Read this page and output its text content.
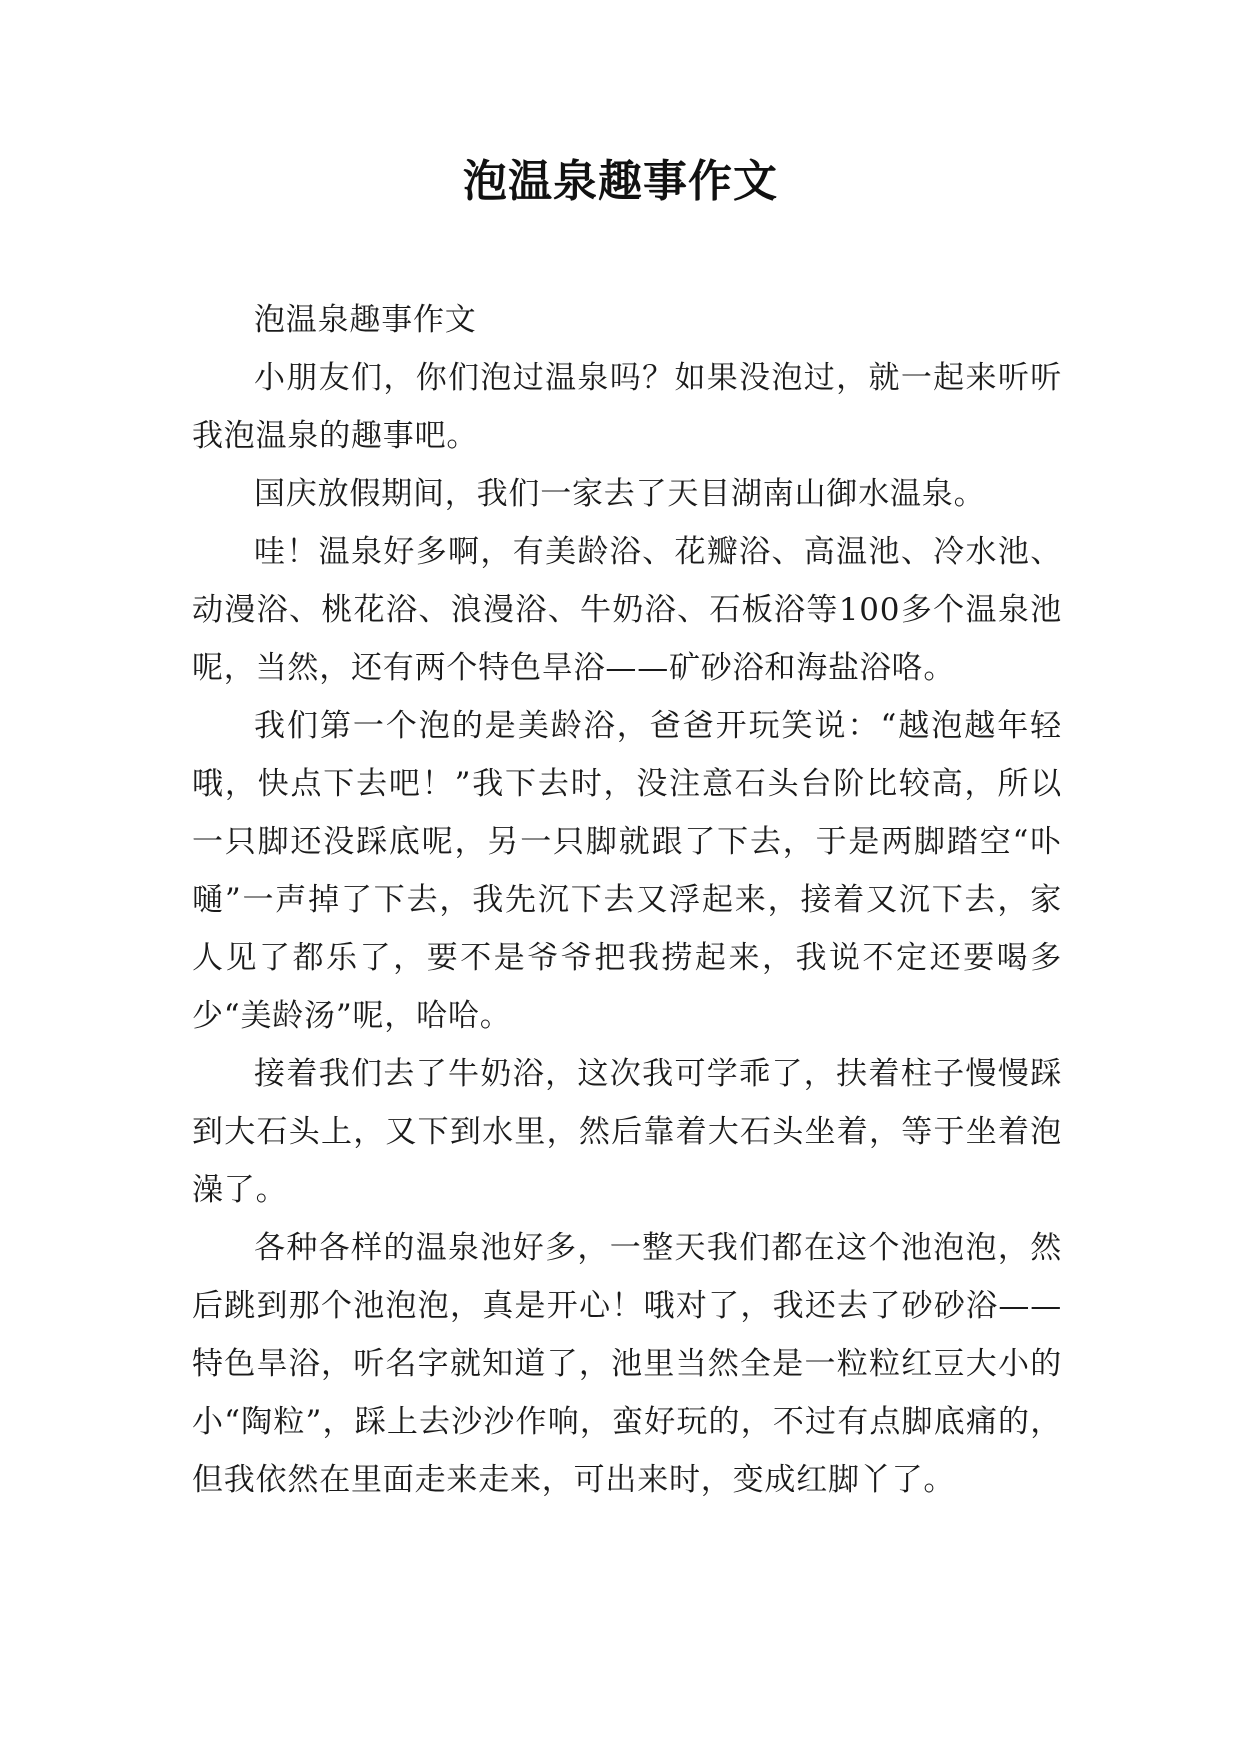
泡温泉趣事作文

泡温泉趣事作文

小朋友们，你们泡过温泉吗？如果没泡过，就一起来听听我泡温泉的趣事吧。

国庆放假期间，我们一家去了天目湖南山御水温泉。

哇！温泉好多啊，有美龄浴、花瓣浴、高温池、冷水池、动漫浴、桃花浴、浪漫浴、牛奶浴、石板浴等100多个温泉池呢，当然，还有两个特色旱浴——矿砂浴和海盐浴咯。

我们第一个泡的是美龄浴，爸爸开玩笑说：“越泡越年轻哦，快点下去吧！”我下去时，没注意石头台阶比较高，所以一只脚还没踩底呢，另一只脚就跟了下去，于是两脚踏空“卟嗵”一声掉了下去，我先沉下去又浮起来，接着又沉下去，家人见了都乐了，要不是爷爷把我捞起来，我说不定还要喝多少“美龄汤”呢，哈哈。

接着我们去了牛奶浴，这次我可学乖了，扶着柱子慢慢踩到大石头上，又下到水里，然后靠着大石头坐着，等于坐着泡澡了。

各种各样的温泉池好多，一整天我们都在这个池泡泡，然后跳到那个池泡泡，真是开心！哦对了，我还去了砂砂浴——特色旱浴，听名字就知道了，池里当然全是一粒粒红豆大小的小“陶粒”，踩上去沙沙作响，蛮好玩的，不过有点脚底痛的，但我依然在里面走来走来，可出来时，变成红脚丫了。
